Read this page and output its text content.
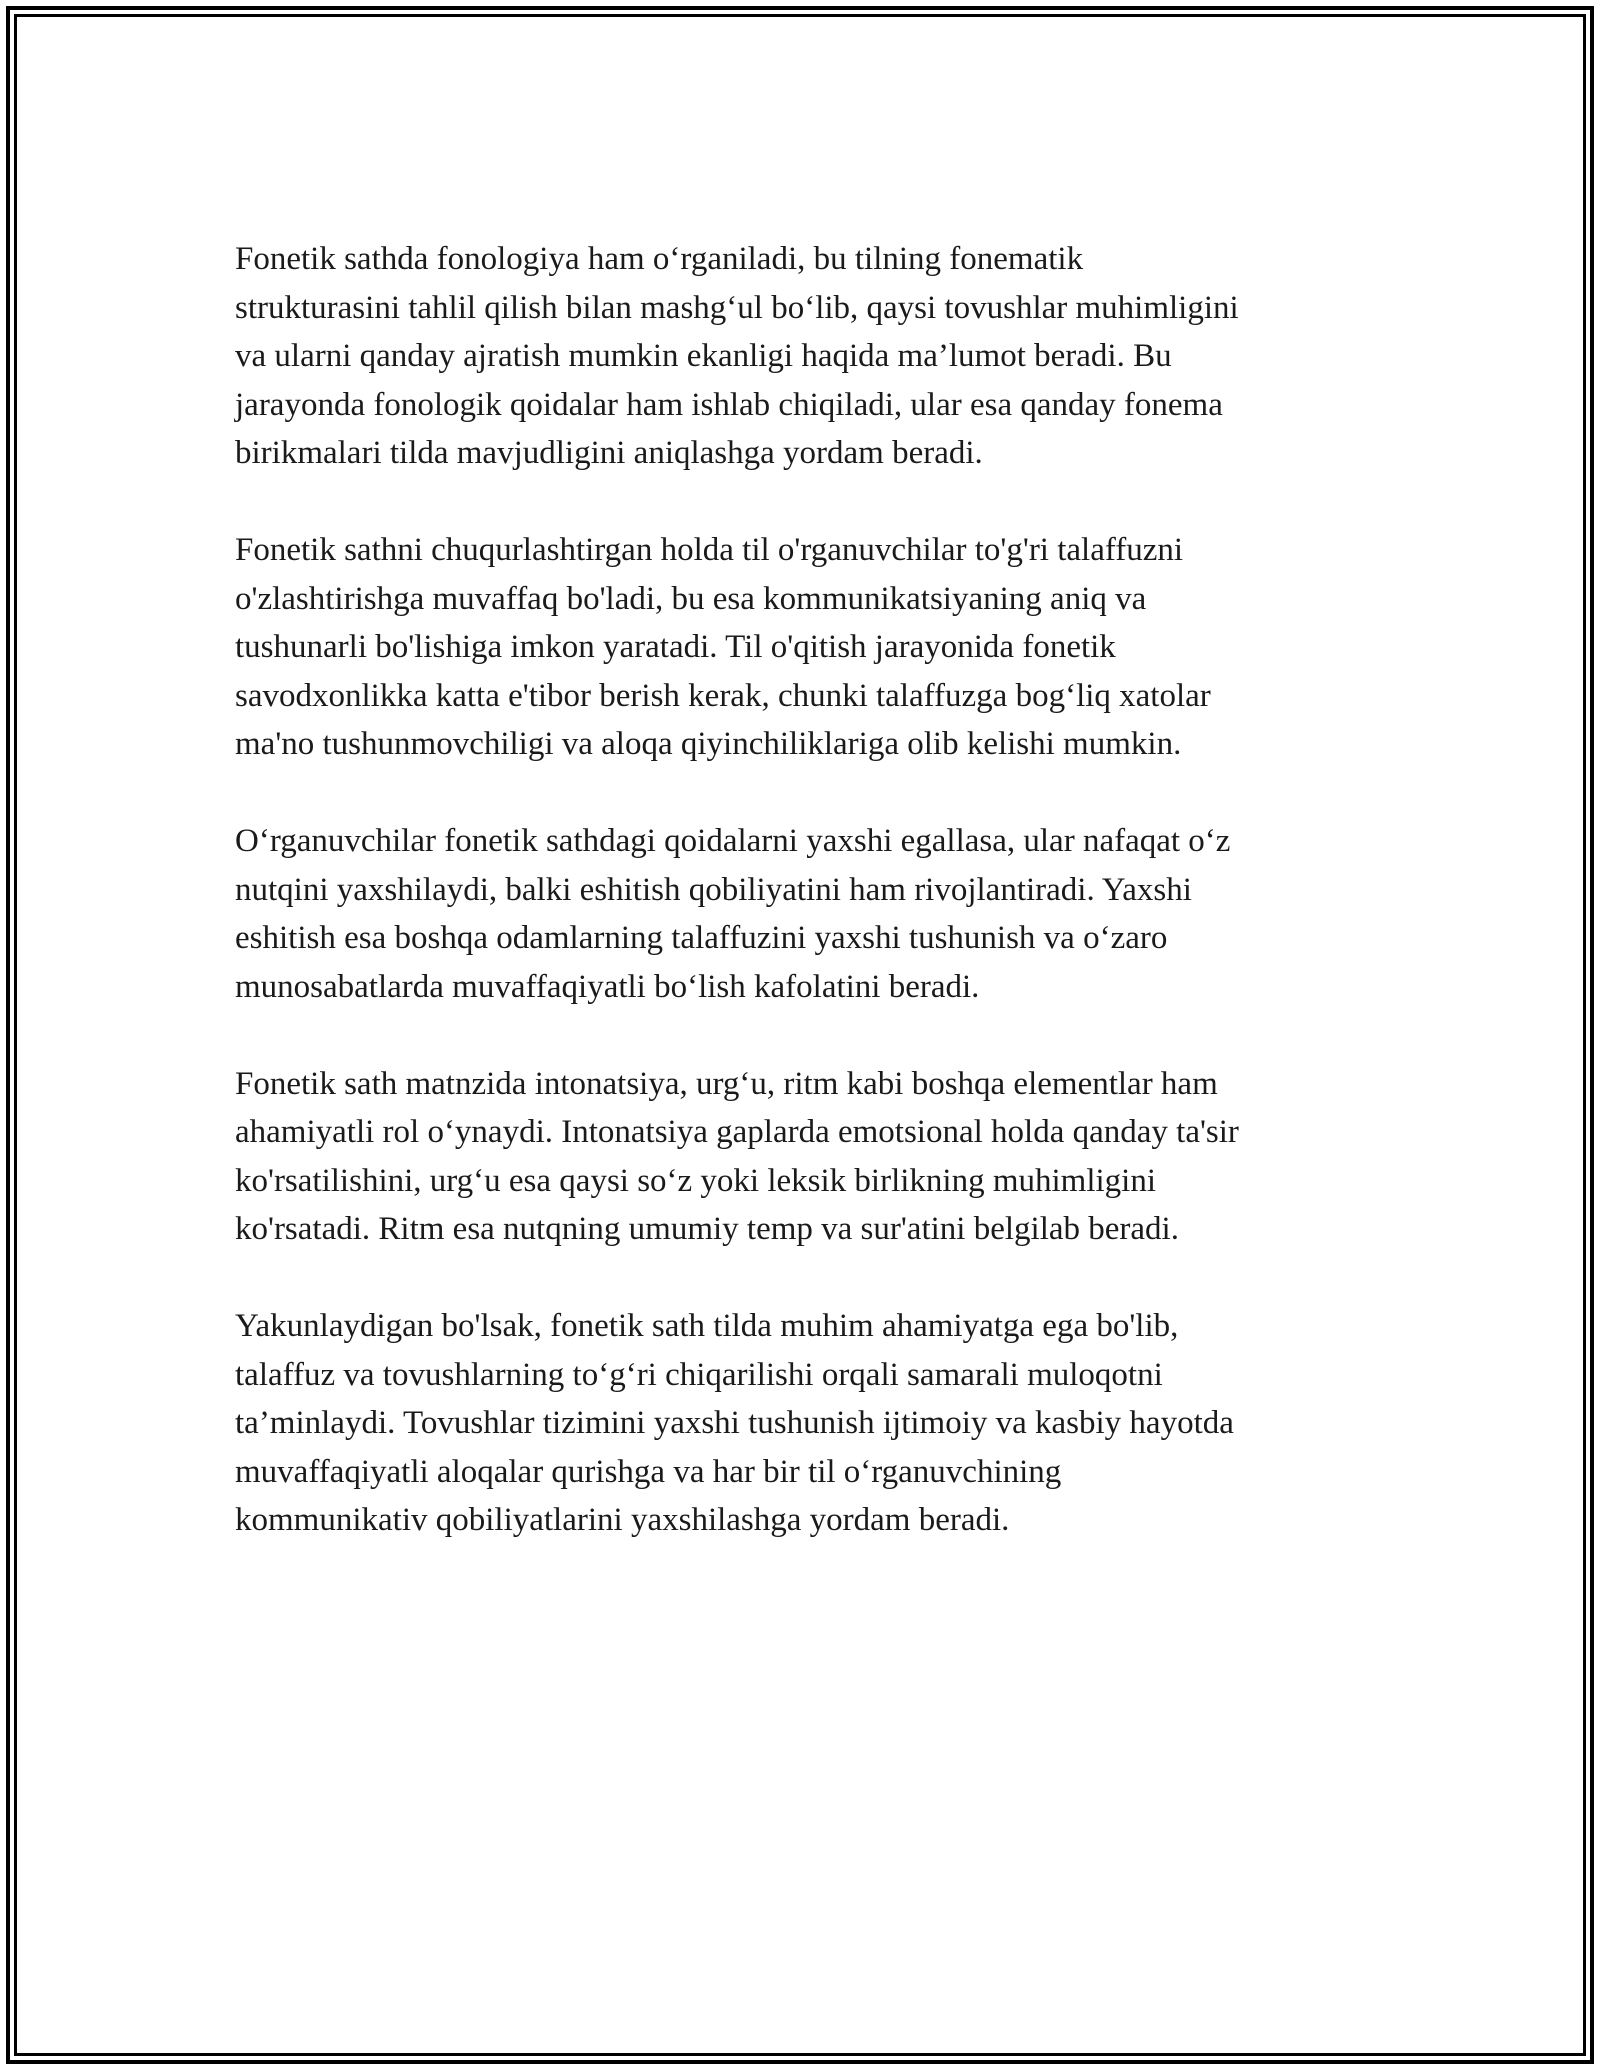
Fonetik sathda fonologiya ham o‘rganiladi, bu tilning fonematik
strukturasini tahlil qilish bilan mashg‘ul bo‘lib, qaysi tovushlar muhimligini
va ularni qanday ajratish mumkin ekanligi haqida ma’lumot beradi. Bu
jarayonda fonologik qoidalar ham ishlab chiqiladi, ular esa qanday fonema
birikmalari tilda mavjudligini aniqlashga yordam beradi.

Fonetik sathni chuqurlashtirgan holda til o'rganuvchilar to'g'ri talaffuzni
o'zlashtirishga muvaffaq bo'ladi, bu esa kommunikatsiyaning aniq va
tushunarli bo'lishiga imkon yaratadi. Til o'qitish jarayonida fonetik
savodxonlikka katta e'tibor berish kerak, chunki talaffuzga bog‘liq xatolar
ma'no tushunmovchiligi va aloqa qiyinchiliklariga olib kelishi mumkin.

O‘rganuvchilar fonetik sathdagi qoidalarni yaxshi egallasa, ular nafaqat o‘z
nutqini yaxshilaydi, balki eshitish qobiliyatini ham rivojlantiradi. Yaxshi
eshitish esa boshqa odamlarning talaffuzini yaxshi tushunish va o‘zaro
munosabatlarda muvaffaqiyatli bo‘lish kafolatini beradi.

Fonetik sath matnzida intonatsiya, urg‘u, ritm kabi boshqa elementlar ham
ahamiyatli rol o‘ynaydi. Intonatsiya gaplarda emotsional holda qanday ta'sir
ko'rsatilishini, urg‘u esa qaysi so‘z yoki leksik birlikning muhimligini
ko'rsatadi. Ritm esa nutqning umumiy temp va sur'atini belgilab beradi.

Yakunlaydigan bo'lsak, fonetik sath tilda muhim ahamiyatga ega bo'lib,
talaffuz va tovushlarning to‘g‘ri chiqarilishi orqali samarali muloqotni
ta’minlaydi. Tovushlar tizimini yaxshi tushunish ijtimoiy va kasbiy hayotda
muvaffaqiyatli aloqalar qurishga va har bir til o‘rganuvchining
kommunikativ qobiliyatlarini yaxshilashga yordam beradi.
